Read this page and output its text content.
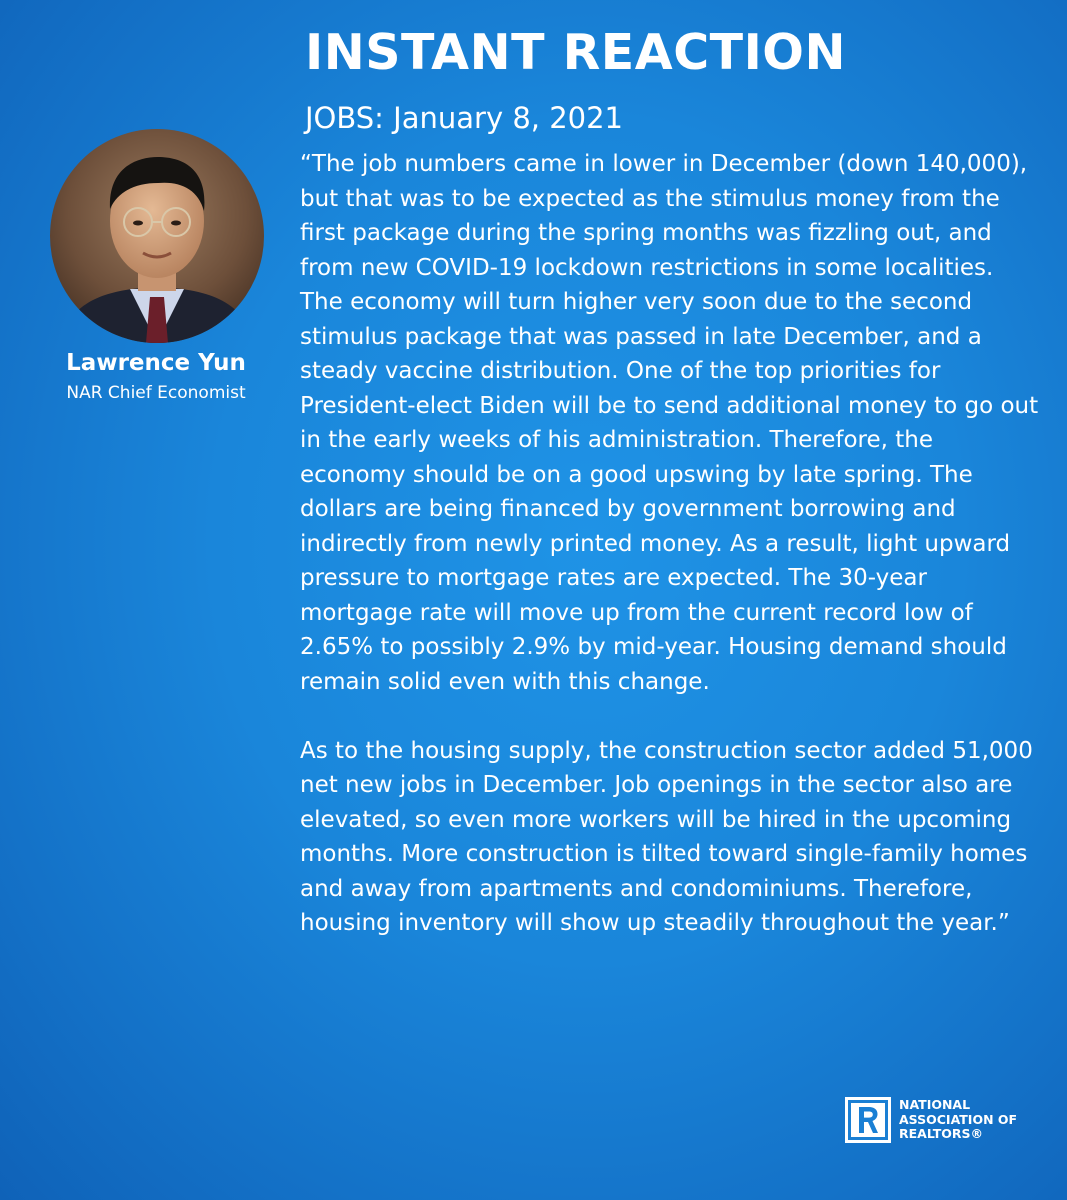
INSTANT REACTION
JOBS: January 8, 2021
Lawrence Yun
NAR Chief Economist

“The job numbers came in lower in December (down 140,000), but that was to be expected as the stimulus money from the first package during the spring months was fizzling out, and from new COVID-19 lockdown restrictions in some localities. The economy will turn higher very soon due to the second stimulus package that was passed in late December, and a steady vaccine distribution. One of the top priorities for President-elect Biden will be to send additional money to go out in the early weeks of his administration. Therefore, the economy should be on a good upswing by late spring. The dollars are being financed by government borrowing and indirectly from newly printed money. As a result, light upward pressure to mortgage rates are expected. The 30-year mortgage rate will move up from the current record low of 2.65% to possibly 2.9% by mid-year. Housing demand should remain solid even with this change.

As to the housing supply, the construction sector added 51,000 net new jobs in December. Job openings in the sector also are elevated, so even more workers will be hired in the upcoming months. More construction is tilted toward single-family homes and away from apartments and condominiums. Therefore, housing inventory will show up steadily throughout the year.”

NATIONAL
ASSOCIATION OF
REALTORS®
